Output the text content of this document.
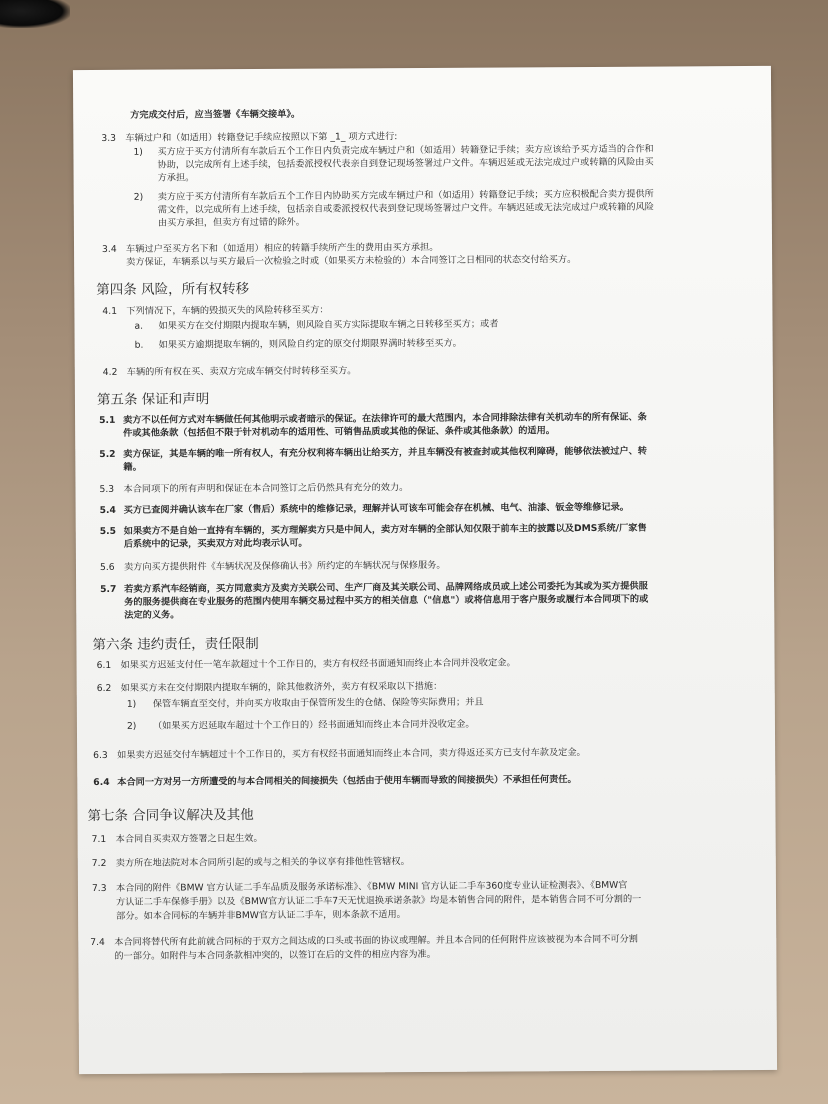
方完成交付后，应当签署《车辆交接单》。
3.3 车辆过户和（如适用）转籍登记手续应按照以下第 _1_ 项方式进行:
1) 买方应于买方付清所有车款后五个工作日内负责完成车辆过户和（如适用）转籍登记手续；卖方应该给予买方适当的合作和
协助，以完成所有上述手续，包括委派授权代表亲自到登记现场签署过户文件。车辆迟延或无法完成过户或转籍的风险由买
方承担。
2) 卖方应于买方付清所有车款后五个工作日内协助买方完成车辆过户和（如适用）转籍登记手续；买方应积极配合卖方提供所
需文件，以完成所有上述手续，包括亲自或委派授权代表到登记现场签署过户文件。车辆迟延或无法完成过户或转籍的风险
由买方承担，但卖方有过错的除外。
3.4 车辆过户至买方名下和（如适用）相应的转籍手续所产生的费用由买方承担。
卖方保证，车辆系以与买方最后一次检验之时或（如果买方未检验的）本合同签订之日相同的状态交付给买方。
第四条 风险，所有权转移
4.1 下列情况下，车辆的毁损灭失的风险转移至买方：
a. 如果买方在交付期限内提取车辆，则风险自买方实际提取车辆之日转移至买方；或者
b. 如果买方逾期提取车辆的，则风险自约定的原交付期限界满时转移至买方。
4.2 车辆的所有权在买、卖双方完成车辆交付时转移至买方。
第五条 保证和声明
5.1 卖方不以任何方式对车辆做任何其他明示或者暗示的保证。在法律许可的最大范围内，本合同排除法律有关机动车的所有保证、条
件或其他条款（包括但不限于针对机动车的适用性、可销售品质或其他的保证、条件或其他条款）的适用。
5.2 卖方保证，其是车辆的唯一所有权人，有充分权利将车辆出让给买方，并且车辆没有被查封或其他权利障碍，能够依法被过户、转
籍。
5.3 本合同项下的所有声明和保证在本合同签订之后仍然具有充分的效力。
5.4 买方已查阅并确认该车在厂家（售后）系统中的维修记录，理解并认可该车可能会存在机械、电气、油漆、钣金等维修记录。
5.5 如果卖方不是自始一直持有车辆的，买方理解卖方只是中间人，卖方对车辆的全部认知仅限于前车主的披露以及DMS系统/厂家售
后系统中的记录，买卖双方对此均表示认可。
5.6 卖方向买方提供附件《车辆状况及保修确认书》所约定的车辆状况与保修服务。
5.7 若卖方系汽车经销商，买方同意卖方及卖方关联公司、生产厂商及其关联公司、品牌网络成员或上述公司委托为其或为买方提供服
务的服务提供商在专业服务的范围内使用车辆交易过程中买方的相关信息（"信息"）或将信息用于客户服务或履行本合同项下的或
法定的义务。
第六条 违约责任，责任限制
6.1 如果买方迟延支付任一笔车款超过十个工作日的，卖方有权经书面通知而终止本合同并没收定金。
6.2 如果买方未在交付期限内提取车辆的，除其他救济外，卖方有权采取以下措施：
1) 保管车辆直至交付，并向买方收取由于保管所发生的仓储、保险等实际费用；并且
2) （如果买方迟延取车超过十个工作日的）经书面通知而终止本合同并没收定金。
6.3 如果卖方迟延交付车辆超过十个工作日的，买方有权经书面通知而终止本合同，卖方得返还买方已支付车款及定金。
6.4 本合同一方对另一方所遭受的与本合同相关的间接损失（包括由于使用车辆而导致的间接损失）不承担任何责任。
第七条 合同争议解决及其他
7.1 本合同自买卖双方签署之日起生效。
7.2 卖方所在地法院对本合同所引起的或与之相关的争议享有排他性管辖权。
7.3 本合同的附件《BMW 官方认证二手车品质及服务承诺标准》、《BMW MINI 官方认证二手车360度专业认证检测表》、《BMW官
方认证二手车保修手册》以及《BMW官方认证二手车7天无忧退换承诺条款》均是本销售合同的附件，是本销售合同不可分割的一
部分。如本合同标的车辆并非BMW官方认证二手车，则本条款不适用。
7.4 本合同将替代所有此前就合同标的于双方之间达成的口头或书面的协议或理解。并且本合同的任何附件应该被视为本合同不可分割
的一部分。如附件与本合同条款相冲突的，以签订在后的文件的相应内容为准。
